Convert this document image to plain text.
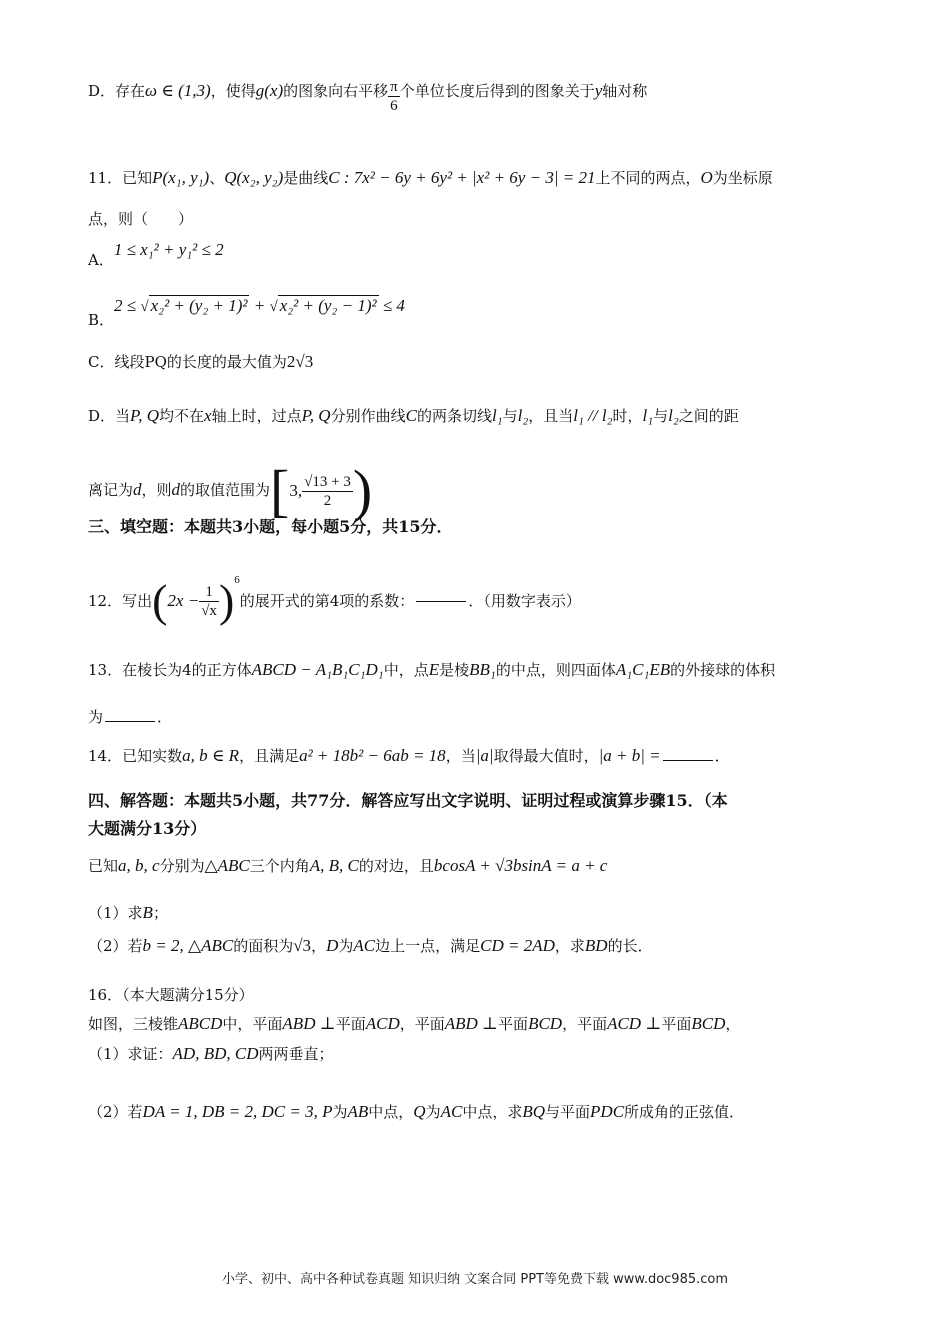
D．存在ω ∈ (1,3)，使得g(x)的图象向右平移 $\frac{\pi}{6}$ 个单位长度后得到的图象关于y轴对称
11．已知P(x₁, y₁)、Q(x₂, y₂)是曲线C : 7x² − 6y + 6y² + |x² + 6y − 3| = 21上不同的两点，O为坐标原
点，则（　　）
A．1 ≤ x₁² + y₁² ≤ 2
B．2 ≤ √ x₂² + (y₂ + 1)² + √ x₂² + (y₂ − 1)² ≤ 4
C．线段PQ的长度的最大值为2√3
D．当P, Q均不在x轴上时，过点P, Q分别作曲线C的两条切线l₁与l₂，且当l₁ // l₂时，l₁与l₂之间的距
离记为d，则d的取值范围为[3, $\frac{√13 + 3}{2}$ )
三、填空题：本题共3小题，每小题5分，共15分．
12．写出$(2x - \frac{1}{√x} )^6$的展开式的第4项的系数：	．（用数字表示）
13．在棱长为4的正方体ABCD − A₁B₁C₁D₁中，点E是棱BB₁的中点，则四面体A₁C₁EB的外接球的体积
为	．
14．已知实数a, b ∈ R，且满足a² + 18b² − 6ab = 18，当|a|取得最大值时，|a + b| =	．
四、解答题：本题共5小题，共77分．解答应写出文字说明、证明过程或演算步骤15．（本
大题满分13分）
已知a, b, c分别为△ABC三个内角A, B, C的对边，且bcosA + √3bsinA = a + c
（1）求B；
（2）若b = 2, △ABC的面积为√3，D为AC边上一点，满足CD = 2AD，求BD的长．
16．（本大题满分15分）
如图，三棱锥ABCD中，平面ABD ⊥平面ACD，平面ABD ⊥平面BCD，平面ACD ⊥平面BCD，
（1）求证：AD, BD, CD两两垂直；
（2）若DA = 1, DB = 2, DC = 3, P为AB中点，Q为AC中点，求BQ与平面PDC所成角的正弦值．
小学、初中、高中各种试卷真题 知识归纳 文案合同 PPT等免费下载 www.doc985.com
